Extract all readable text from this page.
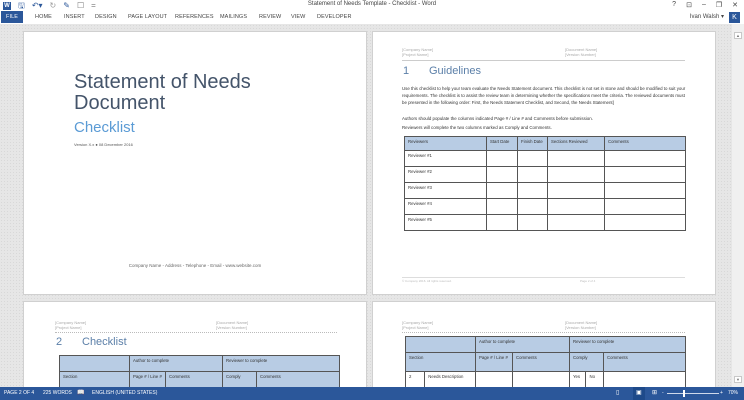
W 🖫 ↶▾ ↻ ✎ ☐ =	Statement of Needs Template - Checklist - Word	? ⊡ – ❐ ✕
FILE	HOME INSERT DESIGN PAGE LAYOUT REFERENCES MAILINGS REVIEW VIEW DEVELOPER	Ivan Walsh ▾	K
Statement of Needs
Document
Checklist
Version X.x ● 08 December 2016
Company Name - Address - Telephone - Email - www.website.com
[Company Name]
[Project Name]
[Document Name]
[Version Number]
1 Guidelines
Use this checklist to help your team evaluate the Needs Statement document. This checklist is not set in stone and should be modified to suit your requirements. The checklist is to assist the review team in determining whether the specifications meet the criteria. The reviewed documents must be presented in the following order: First, the Needs Statement Checklist, and Second, the Needs Statement]
Authors should populate the columns indicated Page # / Line # and Comments before submission.
Reviewers will complete the two columns marked as Comply and Comments.
Reviewers	Start Date	Finish Date	Sections Reviewed	Comments
Reviewer #1				
Reviewer #2				
Reviewer #3				
Reviewer #4				
Reviewer #5				
© Company 2016. All rights reserved.	Page 2 of 4
[Company Name]
[Project Name]
[Document Name]
[Version Number]
2 Checklist
	Author to complete		Reviewer to complete	
Section	Page # / Line #	Comments	Comply	Comments
[Company Name]
[Project Name]
[Document Name]
[Version Number]
		Author to complete		Reviewer to complete		
Section		Page # / Line #	Comments	Comply		Comments
2	Needs Description			Yes	No	

▲
▼
PAGE 2 OF 4 225 WORDS 📖 ENGLISH (UNITED STATES)	▯	▣	⊞ -	+ 70%
